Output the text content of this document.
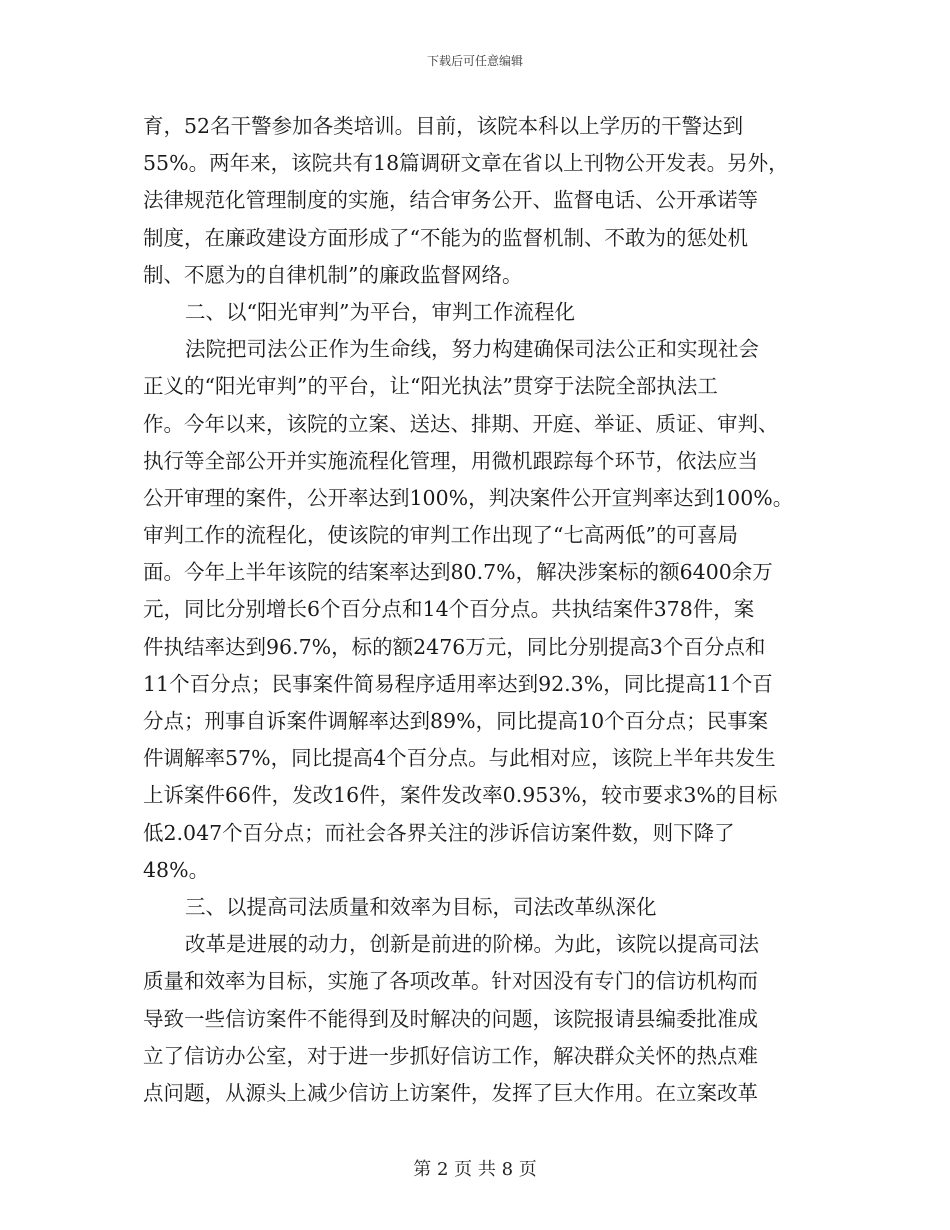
下载后可任意编辑
育，52名干警参加各类培训。目前，该院本科以上学历的干警达到
55%。两年来，该院共有18篇调研文章在省以上刊物公开发表。另外，
法律规范化管理制度的实施，结合审务公开、监督电话、公开承诺等
制度，在廉政建设方面形成了“不能为的监督机制、不敢为的惩处机
制、不愿为的自律机制”的廉政监督网络。
二、以“阳光审判”为平台，审判工作流程化
法院把司法公正作为生命线，努力构建确保司法公正和实现社会
正义的“阳光审判”的平台，让“阳光执法”贯穿于法院全部执法工
作。今年以来，该院的立案、送达、排期、开庭、举证、质证、审判、
执行等全部公开并实施流程化管理，用微机跟踪每个环节，依法应当
公开审理的案件，公开率达到100%，判决案件公开宣判率达到100%。
审判工作的流程化，使该院的审判工作出现了“七高两低”的可喜局
面。今年上半年该院的结案率达到80.7%，解决涉案标的额6400余万
元，同比分别增长6个百分点和14个百分点。共执结案件378件，案
件执结率达到96.7%，标的额2476万元，同比分别提高3个百分点和
11个百分点；民事案件简易程序适用率达到92.3%，同比提高11个百
分点；刑事自诉案件调解率达到89%，同比提高10个百分点；民事案
件调解率57%，同比提高4个百分点。与此相对应，该院上半年共发生
上诉案件66件，发改16件，案件发改率0.953%，较市要求3%的目标
低2.047个百分点；而社会各界关注的涉诉信访案件数，则下降了
48%。
三、以提高司法质量和效率为目标，司法改革纵深化
改革是进展的动力，创新是前进的阶梯。为此，该院以提高司法
质量和效率为目标，实施了各项改革。针对因没有专门的信访机构而
导致一些信访案件不能得到及时解决的问题，该院报请县编委批准成
立了信访办公室，对于进一步抓好信访工作，解决群众关怀的热点难
点问题，从源头上减少信访上访案件，发挥了巨大作用。在立案改革
第 2 页 共 8 页
